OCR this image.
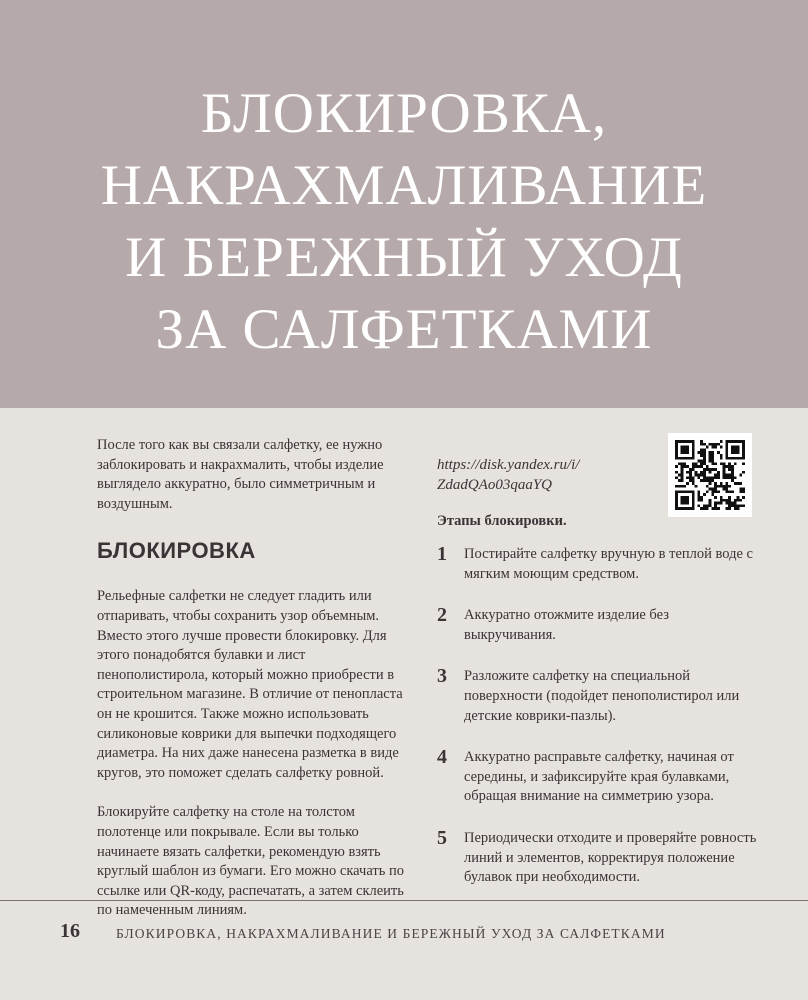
БЛОКИРОВКА,
НАКРАХМАЛИВАНИЕ
И БЕРЕЖНЫЙ УХОД
ЗА САЛФЕТКАМИ

После того как вы связали салфетку, ее нужно заблокировать и накрахмалить, чтобы изделие выглядело аккуратно, было симметричным и воздушным.

БЛОКИРОВКА

Рельефные салфетки не следует гладить или отпаривать, чтобы сохранить узор объемным. Вместо этого лучше провести блокировку. Для этого понадобятся булавки и лист пенополистирола, который можно приобрести в строительном магазине. В отличие от пенопласта он не крошится. Также можно использовать силиконовые коврики для выпечки подходящего диаметра. На них даже нанесена разметка в виде кругов, это поможет сделать салфетку ровной.

Блокируйте салфетку на столе на толстом полотенце или покрывале. Если вы только начинаете вязать салфетки, рекомендую взять круглый шаблон из бумаги. Его можно скачать по ссылке или QR-коду, распечатать, а затем склеить по намеченным линиям.

https://disk.yandex.ru/i/
ZdadQAo03qaaYQ

Этапы блокировки.

1 Постирайте салфетку вручную в теплой воде с мягким моющим средством.
2 Аккуратно отожмите изделие без выкручивания.
3 Разложите салфетку на специальной поверхности (подойдет пенополистирол или детские коврики-пазлы).
4 Аккуратно расправьте салфетку, начиная от середины, и зафиксируйте края булавками, обращая внимание на симметрию узора.
5 Периодически отходите и проверяйте ровность линий и элементов, корректируя положение булавок при необходимости.
16	БЛОКИРОВКА, НАКРАХМАЛИВАНИЕ И БЕРЕЖНЫЙ УХОД ЗА САЛФЕТКАМИ
